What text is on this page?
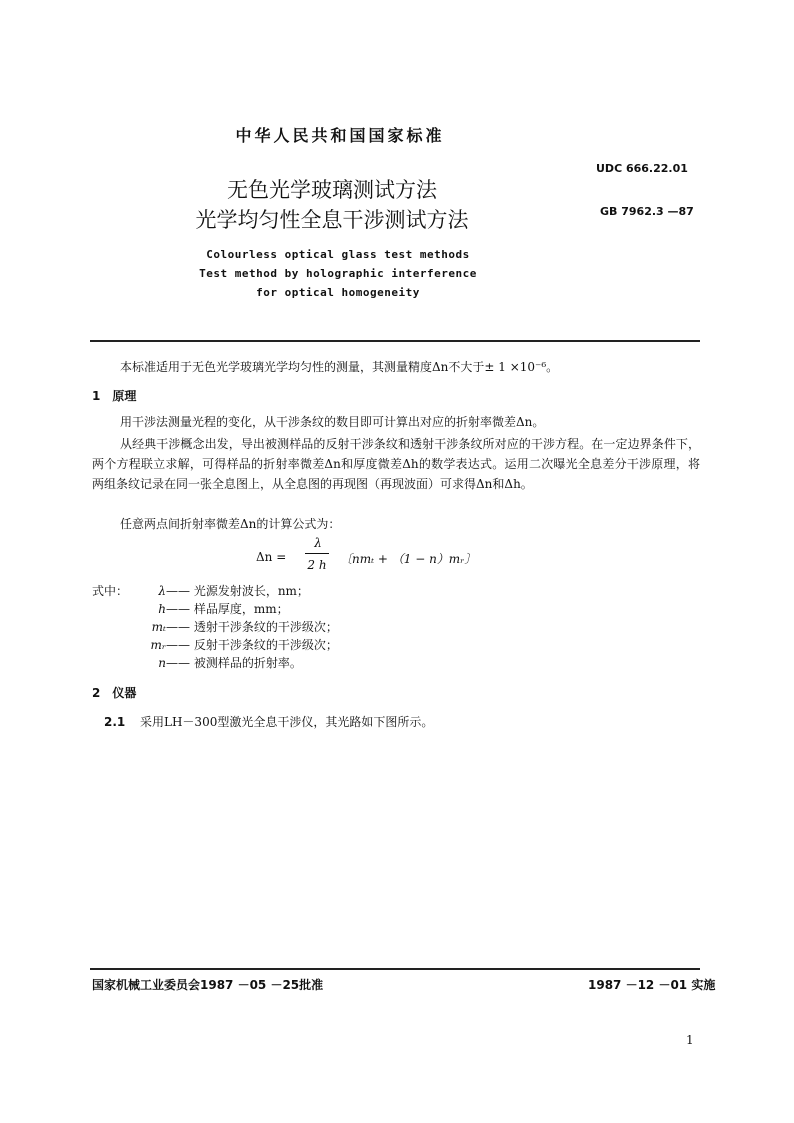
中华人民共和国国家标准
UDC 666.22.01
GB 7962.3 —87
无色光学玻璃测试方法
光学均匀性全息干涉测试方法
Colourless optical glass test methods
Test method by holographic interference
for optical homogeneity
本标准适用于无色光学玻璃光学均匀性的测量，其测量精度Δn不大于± 1 ×10⁻⁶。
1　原理
用干涉法测量光程的变化，从干涉条纹的数目即可计算出对应的折射率微差Δn。
从经典干涉概念出发，导出被测样品的反射干涉条纹和透射干涉条纹所对应的干涉方程。在一定边界条件下，两个方程联立求解，可得样品的折射率微差Δn和厚度微差Δh的数学表达式。运用二次曝光全息差分干涉原理，将两组条纹记录在同一张全息图上，从全息图的再现图（再现波面）可求得Δn和Δh。
任意两点间折射率微差Δn的计算公式为：
Δn =
λ
2 h	〔nmₜ + （1 − n）mᵣ〕
式中：	λ—— 光源发射波长，nm；
h—— 样品厚度，mm；
mₜ—— 透射干涉条纹的干涉级次；
mᵣ—— 反射干涉条纹的干涉级次；
n—— 被测样品的折射率。
2　仪器
2.1 采用LH－300型激光全息干涉仪，其光路如下图所示。
国家机械工业委员会1987 －05 －25批准	1987 －12 －01 实施
1
